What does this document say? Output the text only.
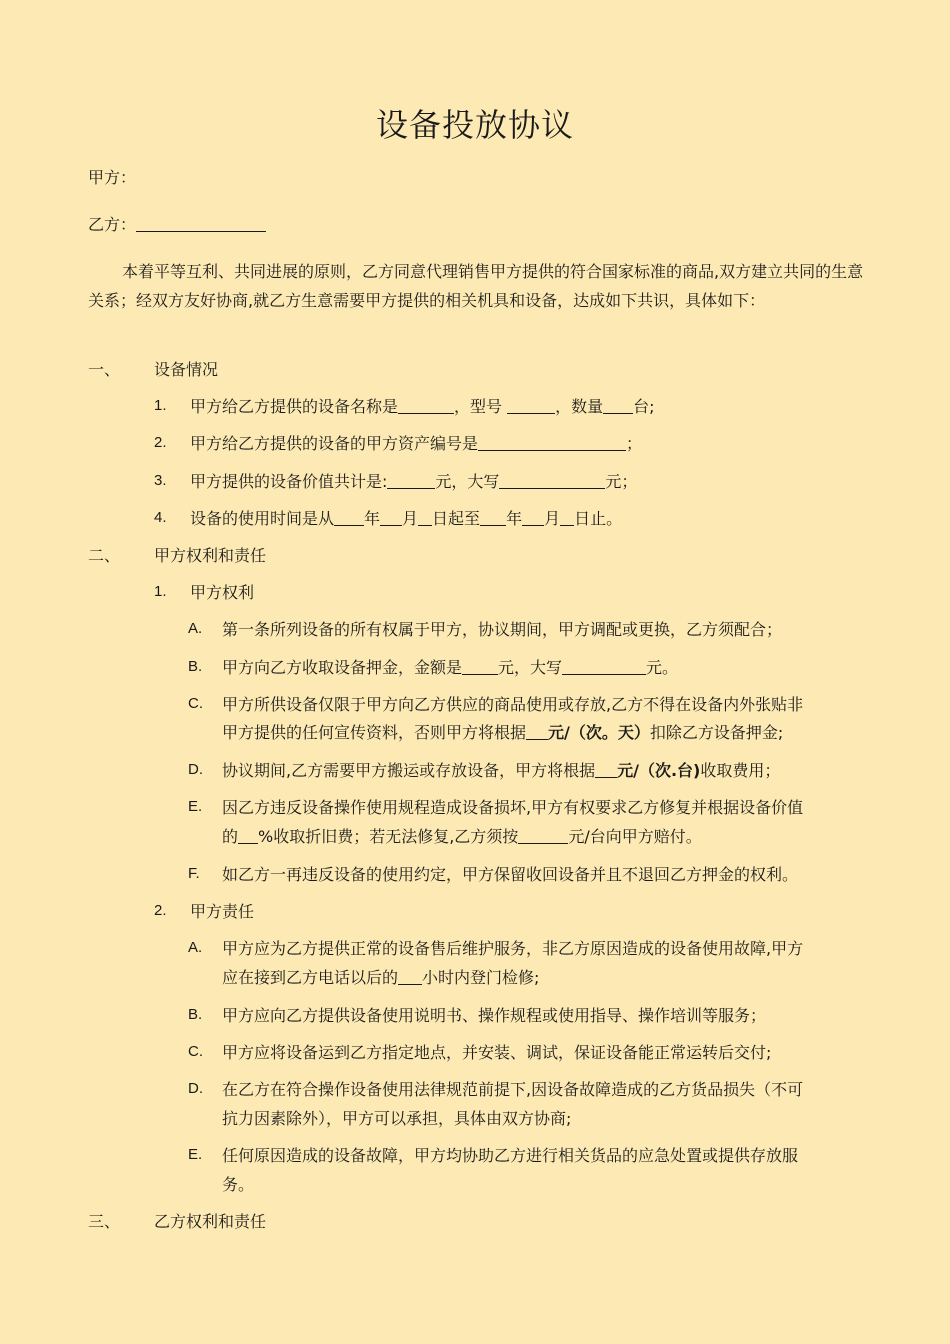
设备投放协议
甲方：
乙方：
本着平等互利、共同进展的原则，乙方同意代理销售甲方提供的符合国家标准的商品,双方建立共同的生意关系；经双方友好协商,就乙方生意需要甲方提供的相关机具和设备，达成如下共识，具体如下：
一、 设备情况
1. 甲方给乙方提供的设备名称是	，型号	，数量 台;
2. 甲方给乙方提供的设备的甲方资产编号是	；
3. 甲方提供的设备价值共计是:	元，大写	元；
4. 设备的使用时间是从 年 月 日起至 年 月 日止。
二、 甲方权利和责任
1. 甲方权利
A. 第一条所列设备的所有权属于甲方，协议期间，甲方调配或更换，乙方须配合；
B. 甲方向乙方收取设备押金，金额是 元，大写	元。
C. 甲方所供设备仅限于甲方向乙方供应的商品使用或存放,乙方不得在设备内外张贴非
甲方提供的任何宣传资料，否则甲方将根据 元/（次。天）扣除乙方设备押金;
D. 协议期间,乙方需要甲方搬运或存放设备，甲方将根据 元/（次.台)收取费用；
E. 因乙方违反设备操作使用规程造成设备损坏,甲方有权要求乙方修复并根据设备价值
的 %收取折旧费；若无法修复,乙方须按	元/台向甲方赔付。
F. 如乙方一再违反设备的使用约定，甲方保留收回设备并且不退回乙方押金的权利。
2. 甲方责任
A. 甲方应为乙方提供正常的设备售后维护服务，非乙方原因造成的设备使用故障,甲方
应在接到乙方电话以后的 小时内登门检修;
B. 甲方应向乙方提供设备使用说明书、操作规程或使用指导、操作培训等服务；
C. 甲方应将设备运到乙方指定地点，并安装、调试，保证设备能正常运转后交付;
D. 在乙方在符合操作设备使用法律规范前提下,因设备故障造成的乙方货品损失（不可
抗力因素除外），甲方可以承担，具体由双方协商;
E. 任何原因造成的设备故障，甲方均协助乙方进行相关货品的应急处置或提供存放服
务。
三、 乙方权利和责任
